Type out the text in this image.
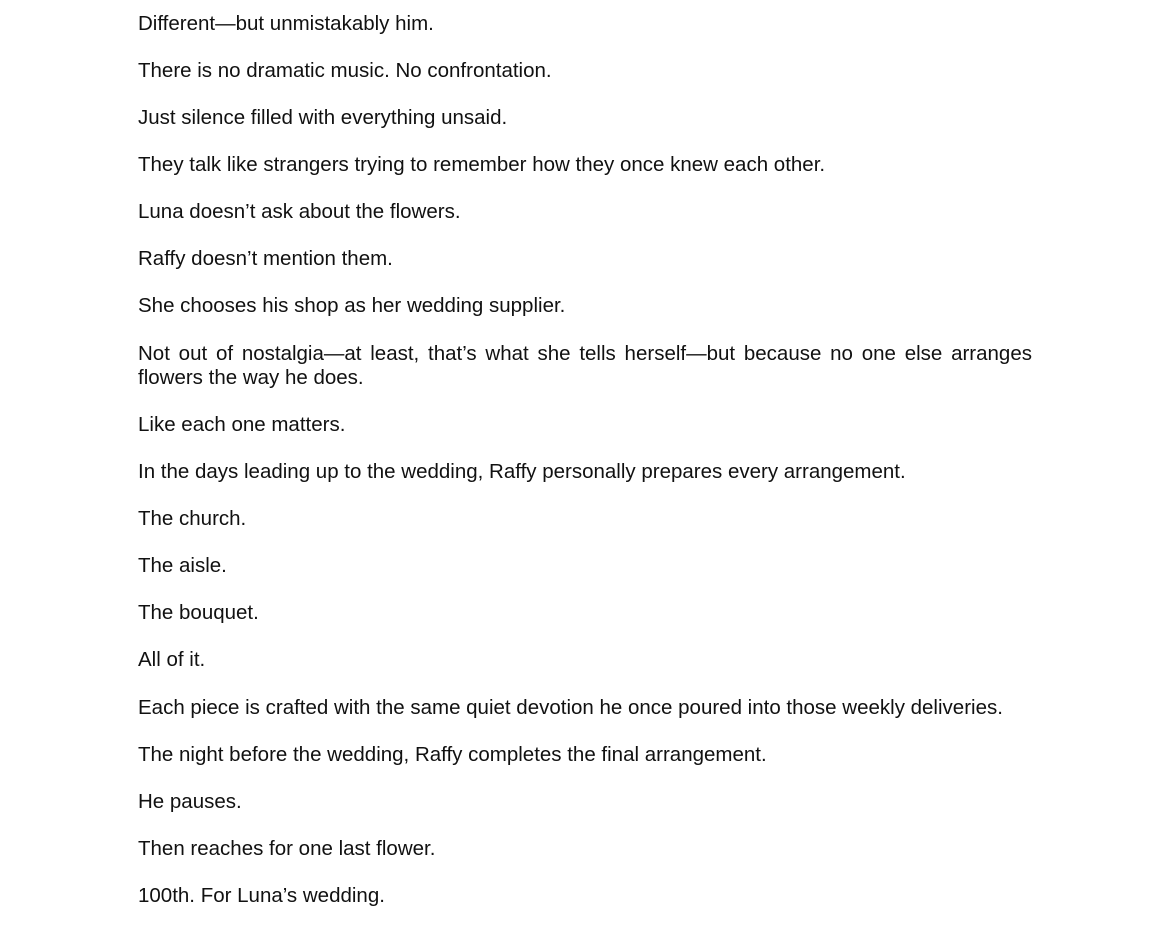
Different—but unmistakably him.

There is no dramatic music. No confrontation.

Just silence filled with everything unsaid.

They talk like strangers trying to remember how they once knew each other.

Luna doesn’t ask about the flowers.

Raffy doesn’t mention them.

She chooses his shop as her wedding supplier.

Not out of nostalgia—at least, that’s what she tells herself—but because no one else arranges flowers the way he does.

Like each one matters.

In the days leading up to the wedding, Raffy personally prepares every arrangement.

The church.

The aisle.

The bouquet.

All of it.

Each piece is crafted with the same quiet devotion he once poured into those weekly deliveries.

The night before the wedding, Raffy completes the final arrangement.

He pauses.

Then reaches for one last flower.

100th. For Luna’s wedding.
